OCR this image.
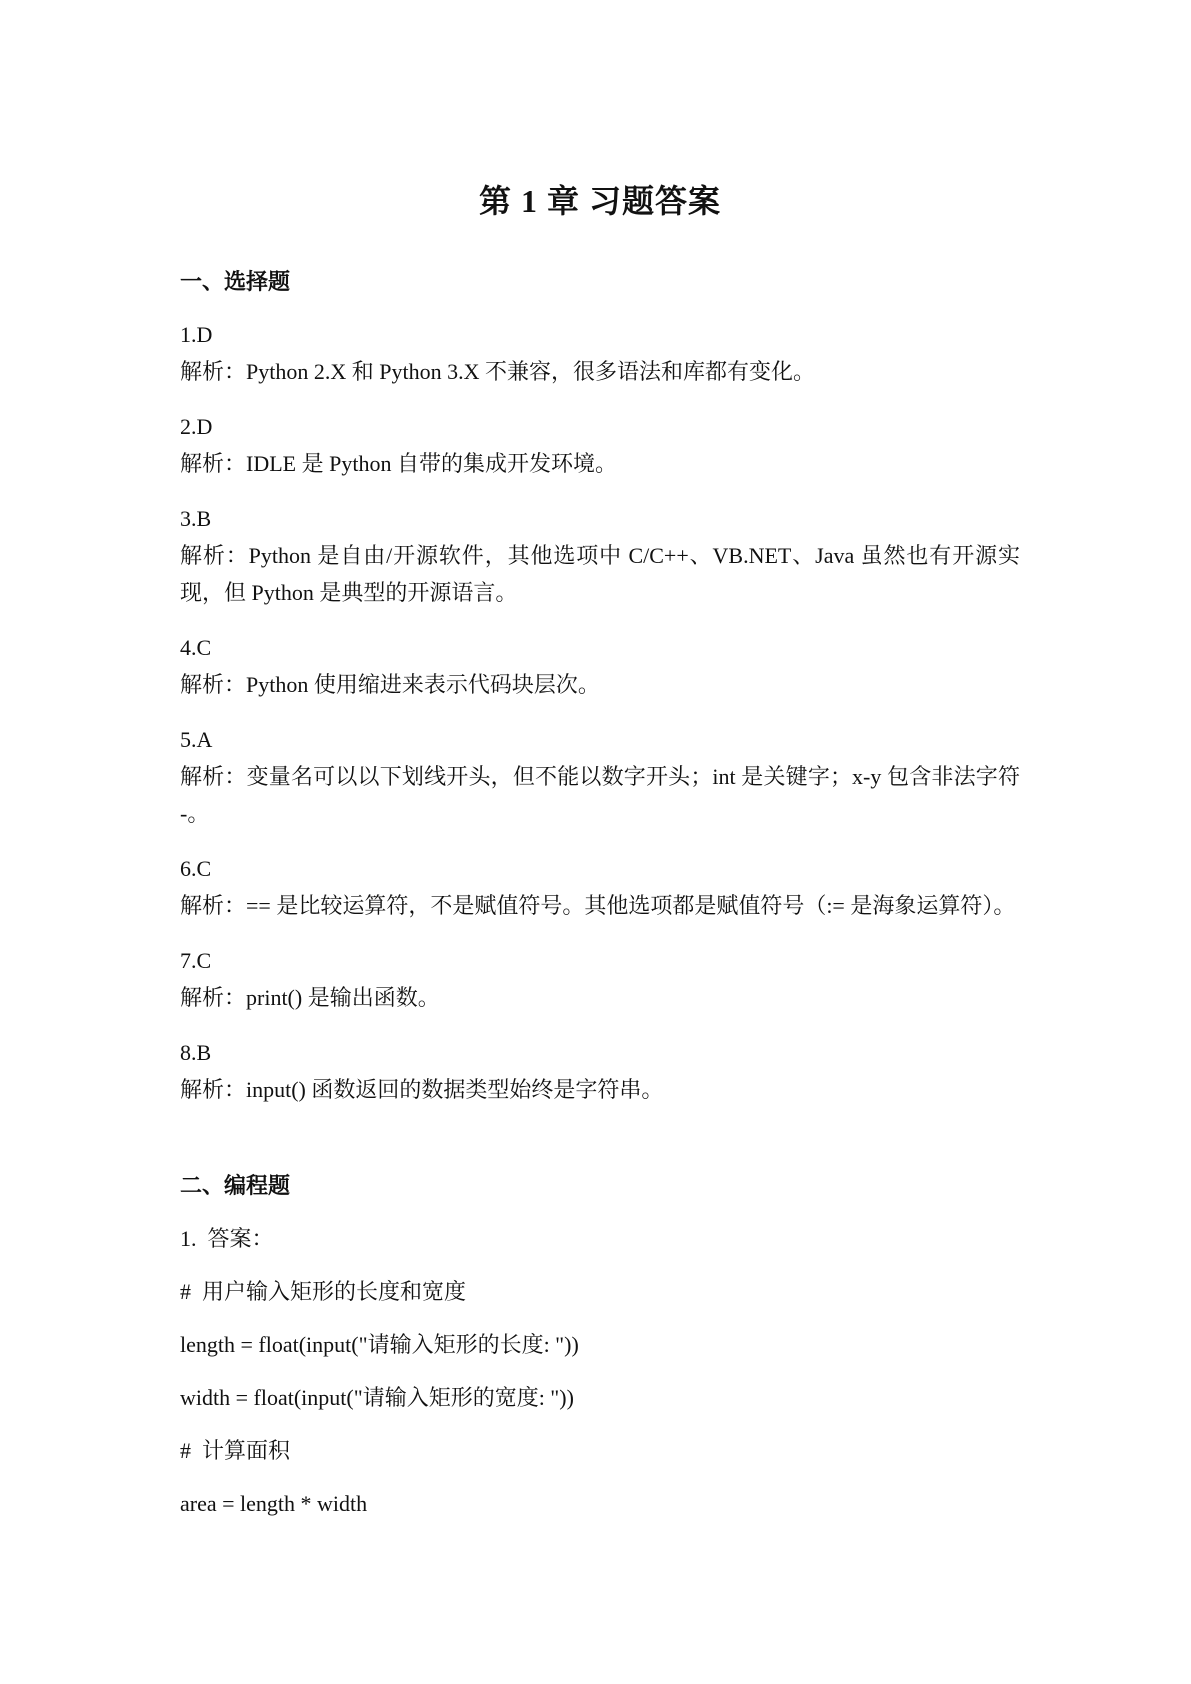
第 1 章 习题答案
一、选择题

1.D

解析：Python 2.X 和 Python 3.X 不兼容，很多语法和库都有变化。

2.D

解析：IDLE 是 Python 自带的集成开发环境。

3.B

解析：Python 是自由/开源软件，其他选项中 C/C++、VB.NET、Java 虽然也有开源实现，但 Python 是典型的开源语言。

4.C

解析：Python 使用缩进来表示代码块层次。

5.A

解析：变量名可以以下划线开头，但不能以数字开头；int 是关键字；x-y 包含非法字符 -。

6.C

解析：== 是比较运算符，不是赋值符号。其他选项都是赋值符号（:= 是海象运算符）。

7.C

解析：print() 是输出函数。

8.B

解析：input() 函数返回的数据类型始终是字符串。

二、编程题

1.  答案：

#  用户输入矩形的长度和宽度

length = float(input("请输入矩形的长度: "))

width = float(input("请输入矩形的宽度: "))

#  计算面积

area = length * width
